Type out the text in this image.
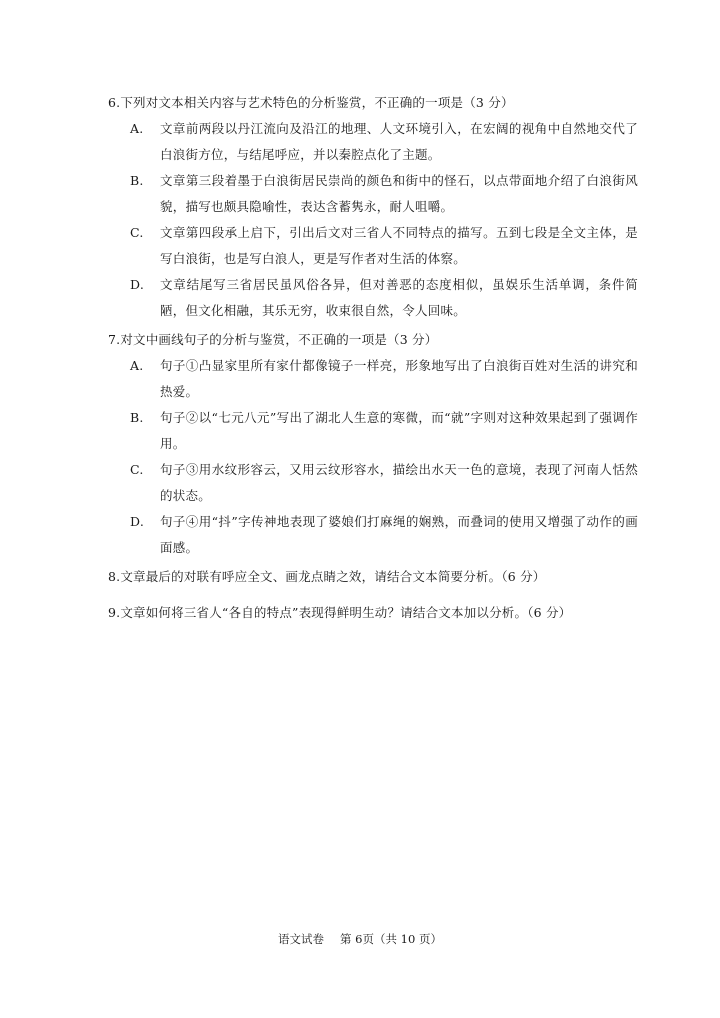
6.下列对文本相关内容与艺术特色的分析鉴赏，不正确的一项是（3 分）
A. 文章前两段以丹江流向及沿江的地理、人文环境引入，在宏阔的视角中自然地交代了白浪街方位，与结尾呼应，并以秦腔点化了主题。
B. 文章第三段着墨于白浪街居民崇尚的颜色和街中的怪石，以点带面地介绍了白浪街风貌，描写也颇具隐喻性，表达含蓄隽永，耐人咀嚼。
C. 文章第四段承上启下，引出后文对三省人不同特点的描写。五到七段是全文主体，是写白浪街，也是写白浪人，更是写作者对生活的体察。
D. 文章结尾写三省居民虽风俗各异，但对善恶的态度相似，虽娱乐生活单调，条件简陋，但文化相融，其乐无穷，收束很自然，令人回味。
7.对文中画线句子的分析与鉴赏，不正确的一项是（3 分）
A. 句子①凸显家里所有家什都像镜子一样亮，形象地写出了白浪街百姓对生活的讲究和热爱。
B. 句子②以“七元八元”写出了湖北人生意的寒微，而“就”字则对这种效果起到了强调作用。
C. 句子③用水纹形容云，又用云纹形容水，描绘出水天一色的意境，表现了河南人恬然的状态。
D. 句子④用“抖”字传神地表现了婆娘们打麻绳的娴熟，而叠词的使用又增强了动作的画面感。
8.文章最后的对联有呼应全文、画龙点睛之效，请结合文本简要分析。（6 分）
9.文章如何将三省人“各自的特点”表现得鲜明生动？请结合文本加以分析。（6 分）
语文试卷 第 6页（共 10 页）
